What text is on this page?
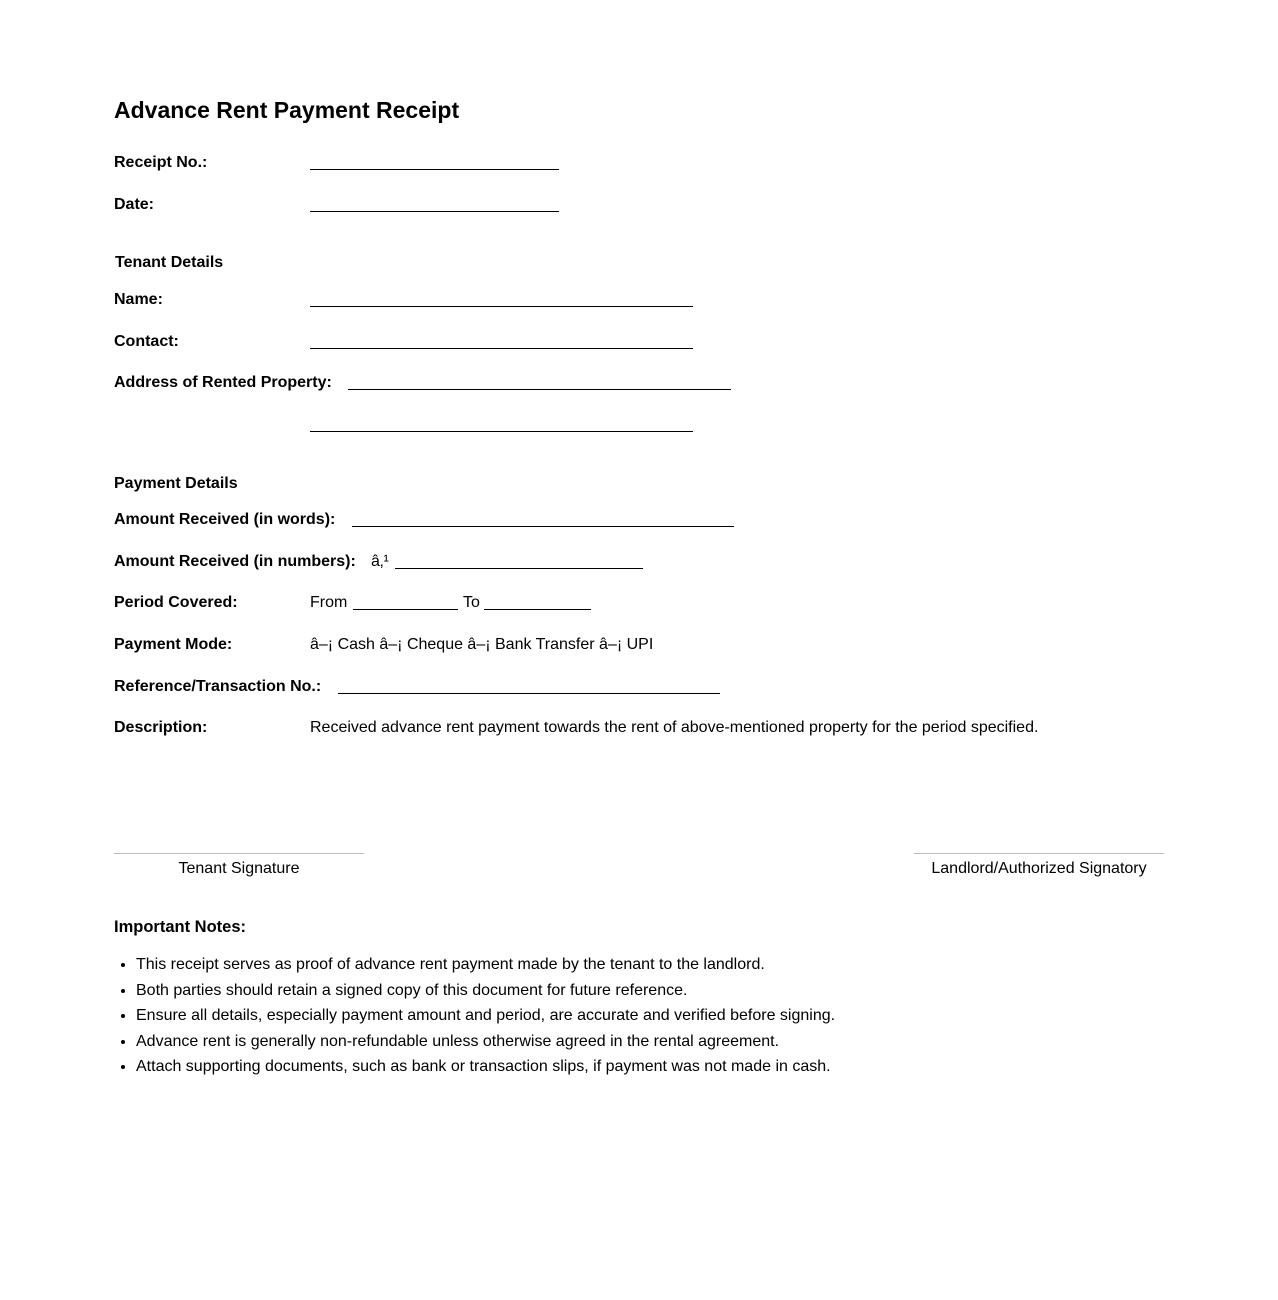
Advance Rent Payment Receipt
Receipt No.:
Date:
Tenant Details
Name:
Contact:
Address of Rented Property:
Payment Details
Amount Received (in words):
Amount Received (in numbers): â‚¹
Period Covered:	From	To
Payment Mode:	â–¡ Cash â–¡ Cheque â–¡ Bank Transfer â–¡ UPI
Reference/Transaction No.:
Description:	Received advance rent payment towards the rent of above-mentioned property for the period specified.
Tenant Signature	Landlord/Authorized Signatory
Important Notes:
• This receipt serves as proof of advance rent payment made by the tenant to the landlord.
• Both parties should retain a signed copy of this document for future reference.
• Ensure all details, especially payment amount and period, are accurate and verified before signing.
• Advance rent is generally non-refundable unless otherwise agreed in the rental agreement.
• Attach supporting documents, such as bank or transaction slips, if payment was not made in cash.
